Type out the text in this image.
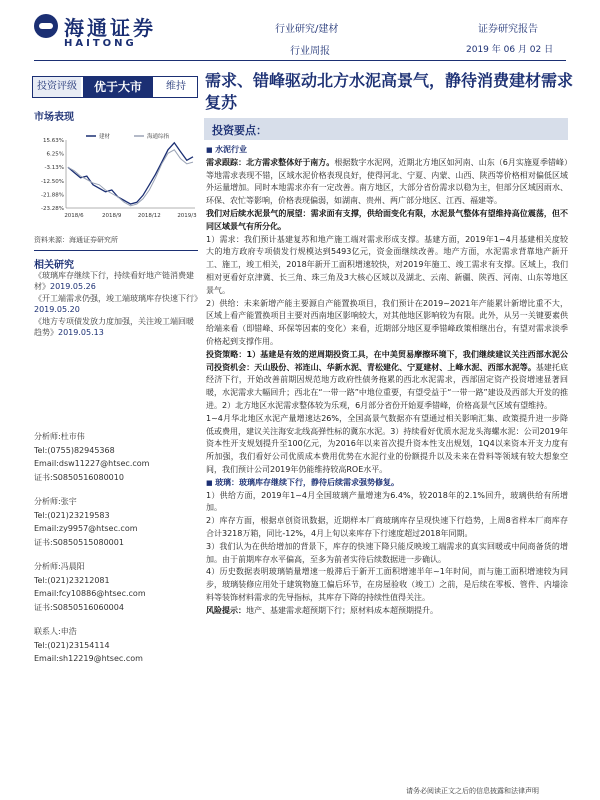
海通证券
HAITONG
行业研究/建材
行业周报
证券研究报告
2019 年 06 月 02 日
投资评级	优于大市	维持	需求、错峰驱动北方水泥高景气，静待消费建材需求复苏
市场表现
15.63%
6.25%
-3.13%
-12.50%
-21.88%
-23.28%
2018/6	2018/9	2018/12	2019/3
建材	海通综指
资料来源：海通证券研究所
相关研究
《玻璃库存继续下行，持续看好地产链消费建材》2019.05.26
《开工端需求仍强，竣工端玻璃库存快速下行》2019.05.20
《地方专项债发放力度加强，关注竣工端回暖趋势》2019.05.13
分析师:杜市伟
Tel:(0755)82945368
Email:dsw11227@htsec.com
证书:S0850516080010
分析师:张宇
Tel:(021)23219583
Email:zy9957@htsec.com
证书:S0850515080001
分析师:冯晨阳
Tel:(021)23212081
Email:fcy10886@htsec.com
证书:S0850516060004
联系人:申浩
Tel:(021)23154114
Email:sh12219@htsec.com
投资要点：

■ 水泥行业

需求跟踪：北方需求整体好于南方。根据数字水泥网，近期北方地区如河南、山东（6月实施夏季错峰）等地需求表现不错，区域水泥价格表现良好，使得河北、宁夏、内蒙、山西、陕西等价格相对偏低区域外运量增加。同时本地需求亦有一定改善。南方地区，大部分省份需求以稳为主，但部分区域因雨水、环保、农忙等影响，价格表现偏弱，如湖南、贵州、两广部分地区、江西、福建等。

我们对后续水泥景气的展望：需求面有支撑，供给面变化有限，水泥景气整体有望维持高位震荡，但不同区域景气有所分化。

1）需求：我们预计基建复苏和地产施工端对需求形成支撑。基建方面，2019年1~4月基建相关度较大的地方政府专项债发行规模达到5493亿元，资金面继续改善。地产方面，水泥需求背靠地产新开工、施工，竣工相关，2018年新开工面积增速较快，对2019年施工、竣工需求有支撑。区域上，我们相对更看好京津冀、长三角、珠三角及3大核心区域以及湖北、云南、新疆、陕西、河南、山东等地区景气。

2）供给：未来新增产能主要源自产能置换项目，我们预计在2019~2021年产能累计新增比重不大，区域上看产能置换项目主要对西南地区影响较大，对其他地区影响较为有限。此外，从另一关键要素供给端来看（即错峰、环保等因素的变化）来看，近期部分地区夏季错峰政策相继出台，有望对需求淡季价格起到支撑作用。

投资策略：1）基建是有效的逆周期投资工具，在中美贸易摩擦环境下，我们继续建议关注西部水泥公司投资机会：天山股份、祁连山、华新水泥、青松建化、宁夏建材、上峰水泥、西部水泥等。基建托底经济下行，开始改善前期因规范地方政府性债务拖累的西北水泥需求，西部固定资产投资增速显著回暖，水泥需求大幅回升；西北在“一带一路”中地位重要，有望受益于“一带一路”建设及西部大开发的推进。2）北方地区水泥需求整体较为乐观，6月部分省份开始夏季错峰，价格高景气区域有望维持。

1~4月华北地区水泥产量增速达26%，全国高景气数据亦有望通过相关影响汇集、政策提升进一步降低或费用，建议关注海安北线高弹性标的冀东水泥。3）持续看好优质水泥龙头海螺水泥：公司2019年资本性开支规划提升至100亿元，为2016年以来首次提升资本性支出规划，1Q4以来资本开支力度有所加强，我们看好公司优质成本费用优势在水泥行业的份额提升以及未来在骨料等领域有较大想象空间，我们预计公司2019年仍能维持较高ROE水平。

■ 玻璃：玻璃库存继续下行，静待后续需求强势修复。

1）供给方面，2019年1~4月全国玻璃产量增速为6.4%，较2018年的2.1%回升，玻璃供给有所增加。

2）库存方面，根据卓创资讯数据，近期样本厂商玻璃库存呈现快速下行趋势，上周8省样本厂商库存合计3218万箱，同比-12%，4月上旬以来库存下行速度超过2018年同期。

3）我们认为在供给增加的背景下，库存的快速下降只能反映竣工端需求的真实回暖或中间商备货的增加。由于前期库存水平偏高，至多为前者实待后续数据进一步确认。

4）历史数据表明玻璃销量增速一般滞后于新开工面积增速半年~1年时间，而与施工面积增速较为同步，玻璃装修应用处于建筑物施工偏后环节，在房屋验收（竣工）之前，是后续在零板、管件、内墙涂料等装饰材料需求的先导指标，其库存下降的持续性值得关注。

风险提示：地产、基建需求超预期下行；原材料成本超预期提升。

请务必阅读正文之后的信息披露和法律声明
